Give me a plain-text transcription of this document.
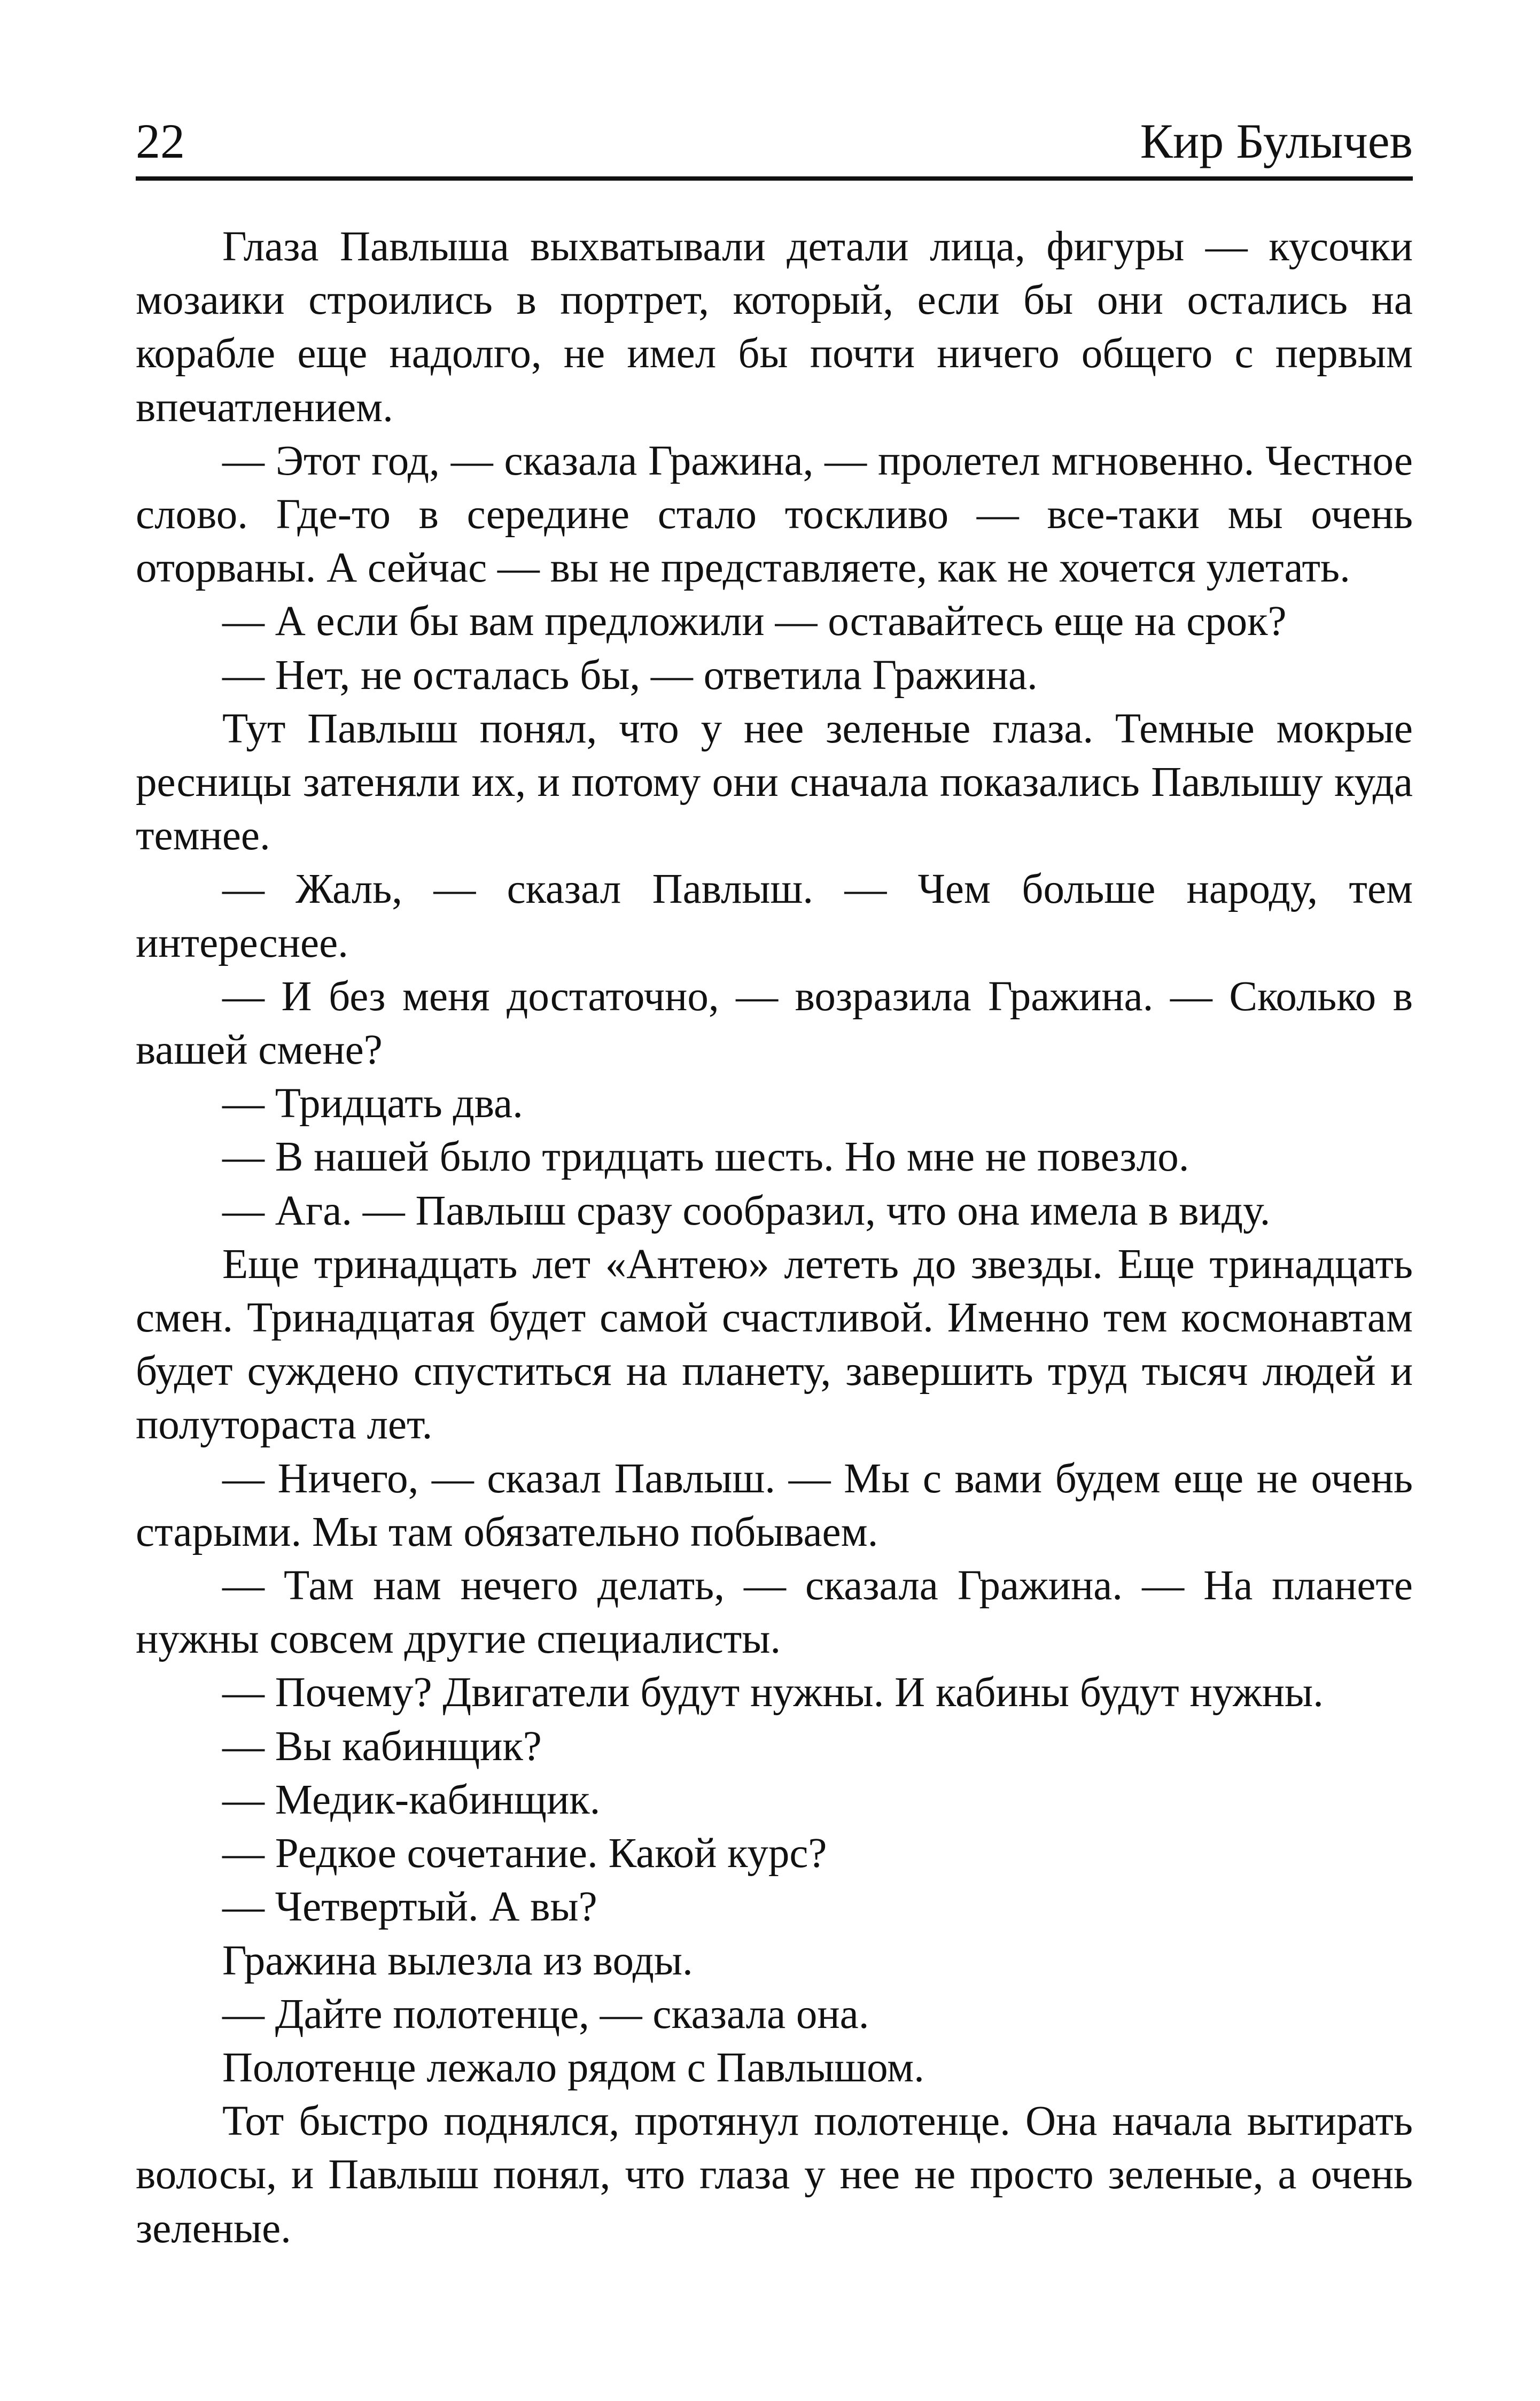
22	Кир Булычев

Глаза Павлыша выхватывали детали лица, фигуры — кусочки мозаики строились в портрет, который, если бы они остались на корабле еще надолго, не имел бы почти ничего общего с первым впечатлением.

— Этот год, — сказала Гражина, — пролетел мгновенно. Честное слово. Где-то в середине стало тоскливо — все-таки мы очень оторваны. А сейчас — вы не представляете, как не хочется улетать.

— А если бы вам предложили — оставайтесь еще на срок?

— Нет, не осталась бы, — ответила Гражина.

Тут Павлыш понял, что у нее зеленые глаза. Темные мокрые ресницы затеняли их, и потому они сначала показались Павлышу куда темнее.

— Жаль, — сказал Павлыш. — Чем больше народу, тем интереснее.

— И без меня достаточно, — возразила Гражина. — Сколько в вашей смене?

— Тридцать два.

— В нашей было тридцать шесть. Но мне не повезло.

— Ага. — Павлыш сразу сообразил, что она имела в виду.

Еще тринадцать лет «Антею» лететь до звезды. Еще тринадцать смен. Тринадцатая будет самой счастливой. Именно тем космонавтам будет суждено спуститься на планету, завершить труд тысяч людей и полутораста лет.

— Ничего, — сказал Павлыш. — Мы с вами будем еще не очень старыми. Мы там обязательно побываем.

— Там нам нечего делать, — сказала Гражина. — На планете нужны совсем другие специалисты.

— Почему? Двигатели будут нужны. И кабины будут нужны.

— Вы кабинщик?

— Медик-кабинщик.

— Редкое сочетание. Какой курс?

— Четвертый. А вы?

Гражина вылезла из воды.

— Дайте полотенце, — сказала она.

Полотенце лежало рядом с Павлышом.

Тот быстро поднялся, протянул полотенце. Она начала вытирать волосы, и Павлыш понял, что глаза у нее не просто зеленые, а очень зеленые.
